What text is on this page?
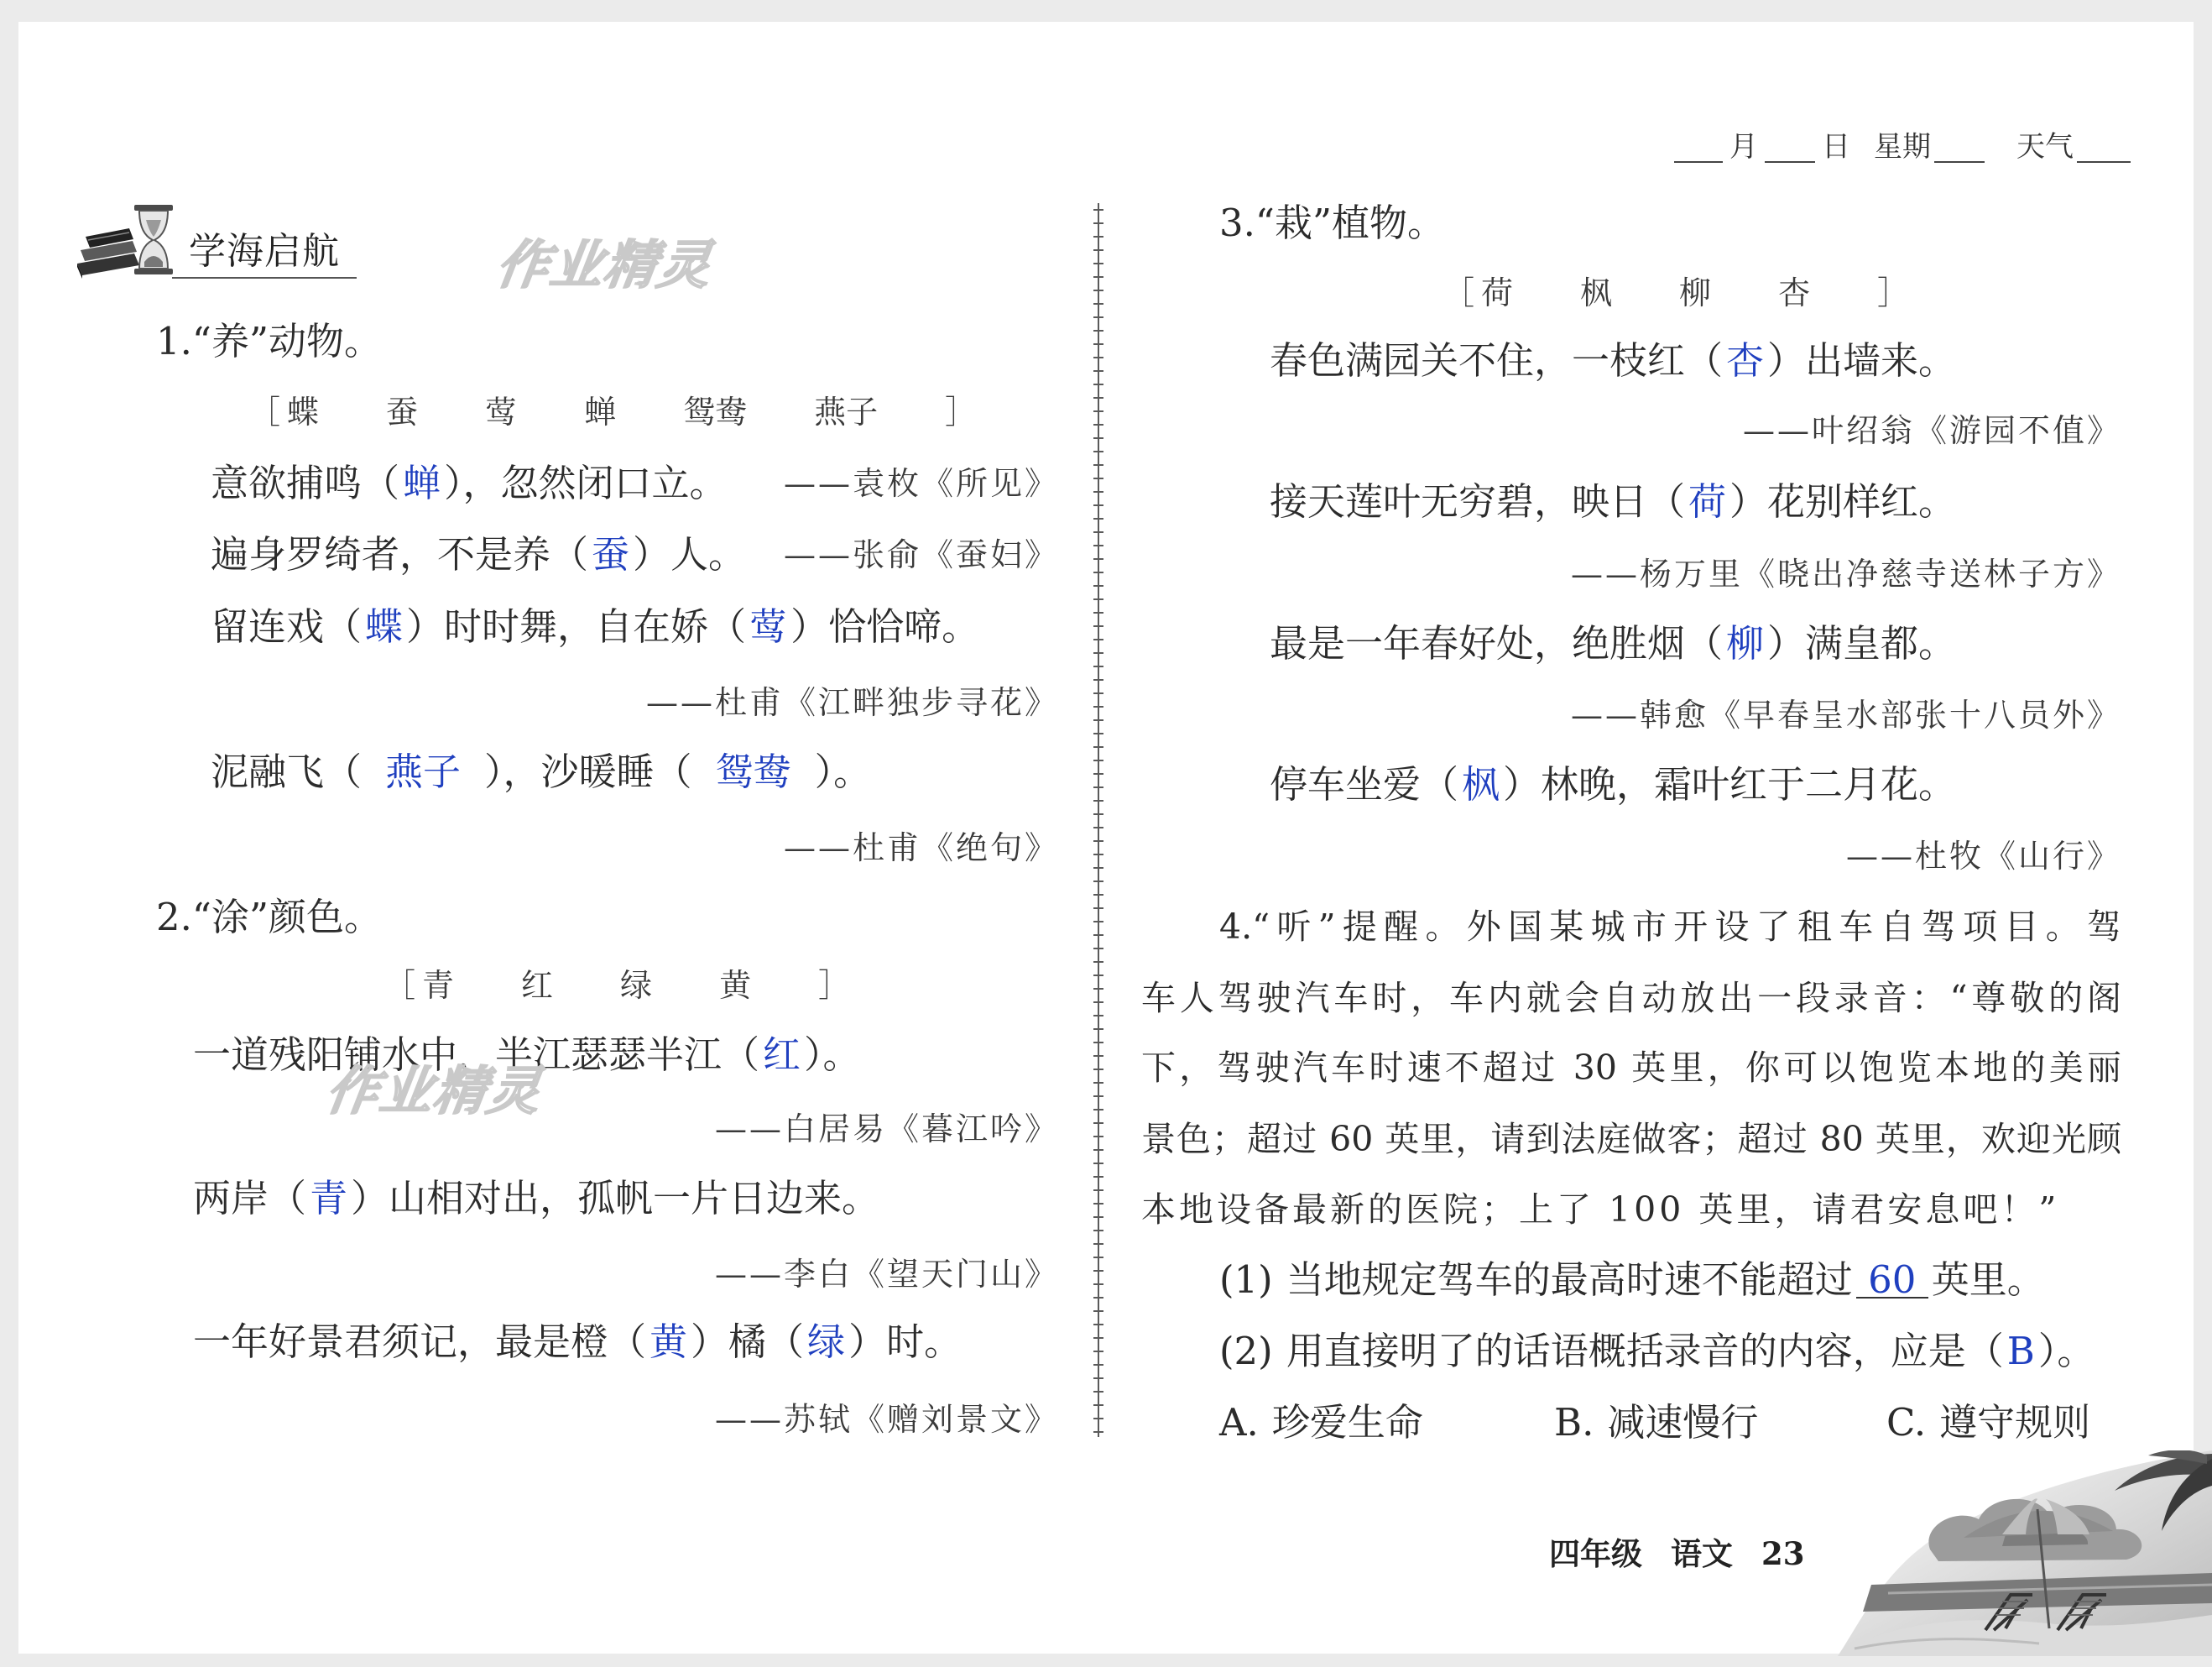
月 日 星期	天气
学海启航	作业精灵
作业精灵
1.“养”动物。
［ 蝶 蚕 莺 蝉 鸳鸯 燕子 ］
意欲捕鸣（蝉），忽然闭口立。 ——袁枚《所见》
遍身罗绮者，不是养（蚕）人。 ——张俞《蚕妇》
留连戏（蝶）时时舞，自在娇（莺）恰恰啼。
——杜甫《江畔独步寻花》
泥融飞（ 燕子 ），沙暖睡（ 鸳鸯 ）。
——杜甫《绝句》
2.“涂”颜色。
［ 青 红 绿 黄 ］
一道残阳铺水中，半江瑟瑟半江（红）。
——白居易《暮江吟》
两岸（青）山相对出，孤帆一片日边来。
——李白《望天门山》
一年好景君须记，最是橙（黄）橘（绿）时。
——苏轼《赠刘景文》
3.“栽”植物。
［ 荷 枫 柳 杏 ］
春色满园关不住，一枝红（杏）出墙来。
——叶绍翁《游园不值》
接天莲叶无穷碧，映日（荷）花别样红。
——杨万里《晓出净慈寺送林子方》
最是一年春好处，绝胜烟（柳）满皇都。
——韩愈《早春呈水部张十八员外》
停车坐爱（枫）林晚，霜叶红于二月花。
——杜牧《山行》
4.“听”提醒。外国某城市开设了租车自驾项目。驾
车人驾驶汽车时，车内就会自动放出一段录音：“尊敬的阁
下，驾驶汽车时速不超过 30 英里，你可以饱览本地的美丽
景色；超过 60 英里，请到法庭做客；超过 80 英里，欢迎光顾
本地设备最新的医院；上了 100 英里，请君安息吧！”
(1) 当地规定驾车的最高时速不能超过 60 英里。
(2) 用直接明了的话语概括录音的内容，应是（B）。
A. 珍爱生命	B. 减速慢行	C. 遵守规则
四年级 语文 23
